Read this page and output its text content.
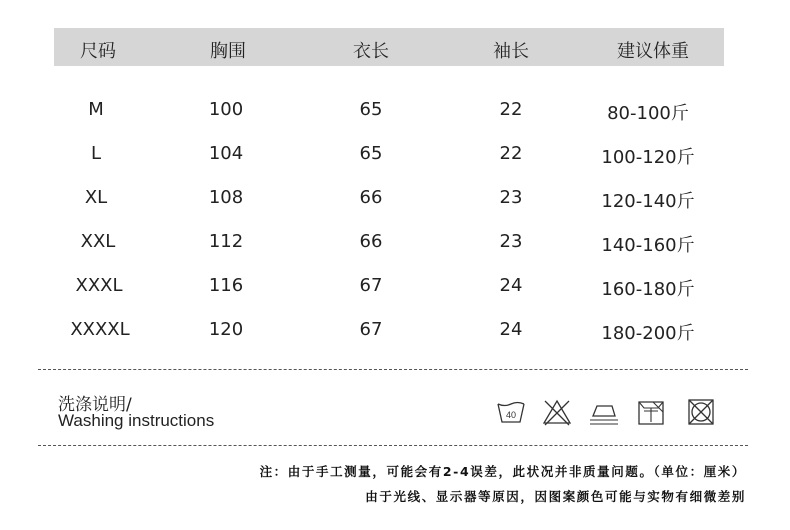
尺码	胸围	衣长	袖长	建议体重
M	100	65	22	80-100斤
L	104	65	22	100-120斤
XL	108	66	23	120-140斤
XXL	112	66	23	140-160斤
XXXL	116	67	24	160-180斤
XXXXL	120	67	24	180-200斤
洗涤说明/
Washing instructions	40
注：由于手工测量，可能会有2-4误差，此状况并非质量问题。（单位：厘米）
由于光线、显示器等原因，因图案颜色可能与实物有细微差别
